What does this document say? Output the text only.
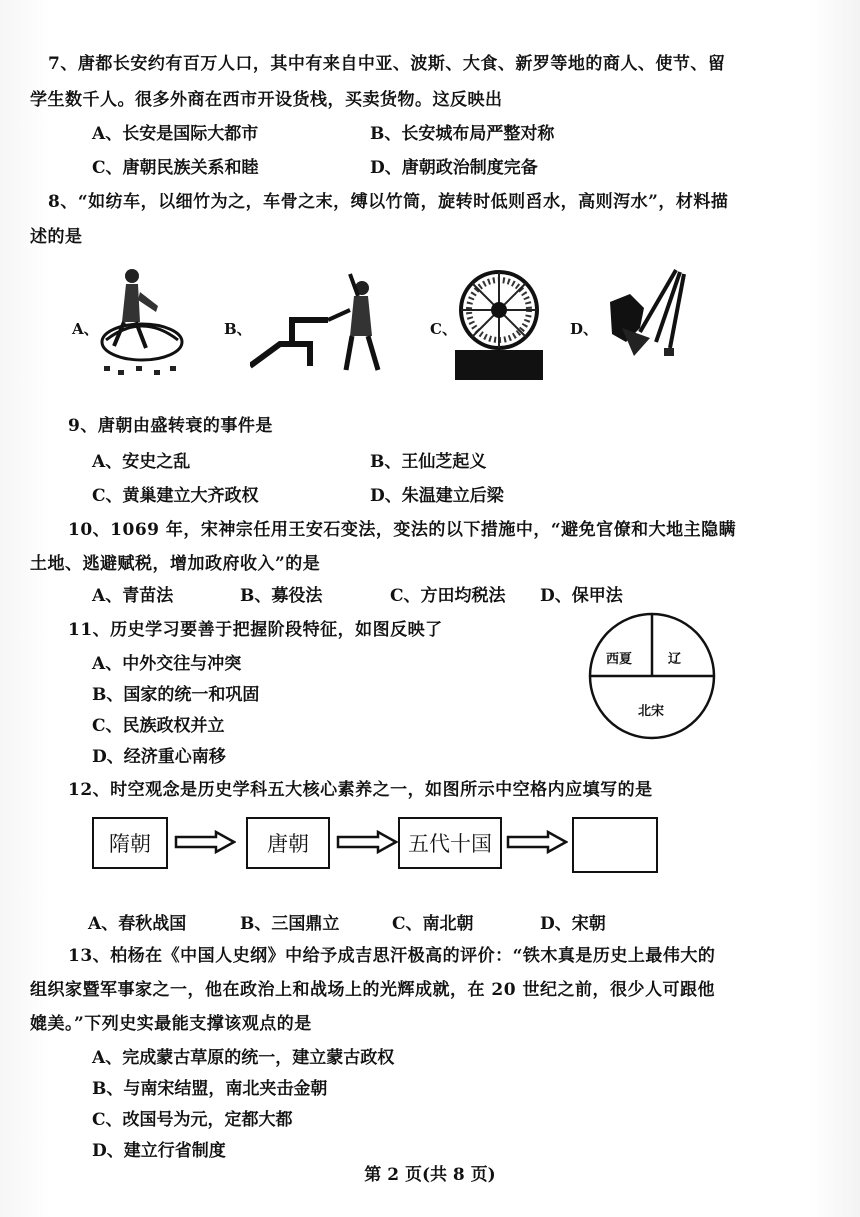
7、唐都长安约有百万人口，其中有来自中亚、波斯、大食、新罗等地的商人、使节、留
学生数千人。很多外商在西市开设货栈，买卖货物。这反映出
A、长安是国际大都市	B、长安城布局严整对称
C、唐朝民族关系和睦	D、唐朝政治制度完备
8、“如纺车，以细竹为之，车骨之末，缚以竹筒，旋转时低则舀水，高则泻水”，材料描
述的是
A、	B、	C、	D、
9、唐朝由盛转衰的事件是
A、安史之乱	B、王仙芝起义
C、黄巢建立大齐政权	D、朱温建立后梁
10、1069 年，宋神宗任用王安石变法，变法的以下措施中，“避免官僚和大地主隐瞒
土地、逃避赋税，增加政府收入”的是
A、青苗法	B、募役法	C、方田均税法 D、保甲法
11、历史学习要善于把握阶段特征，如图反映了
A、中外交往与冲突
B、国家的统一和巩固
C、民族政权并立
D、经济重心南移
西夏	辽
北宋
12、时空观念是历史学科五大核心素养之一，如图所示中空格内应填写的是
隋朝	唐朝	五代十国
A、春秋战国	B、三国鼎立	C、南北朝	D、宋朝
13、柏杨在《中国人史纲》中给予成吉思汗极高的评价：“铁木真是历史上最伟大的
组织家暨军事家之一，他在政治上和战场上的光辉成就，在 20 世纪之前，很少人可跟他
媲美。”下列史实最能支撑该观点的是
A、完成蒙古草原的统一，建立蒙古政权
B、与南宋结盟，南北夹击金朝
C、改国号为元，定都大都
D、建立行省制度
第 2 页(共 8 页)
